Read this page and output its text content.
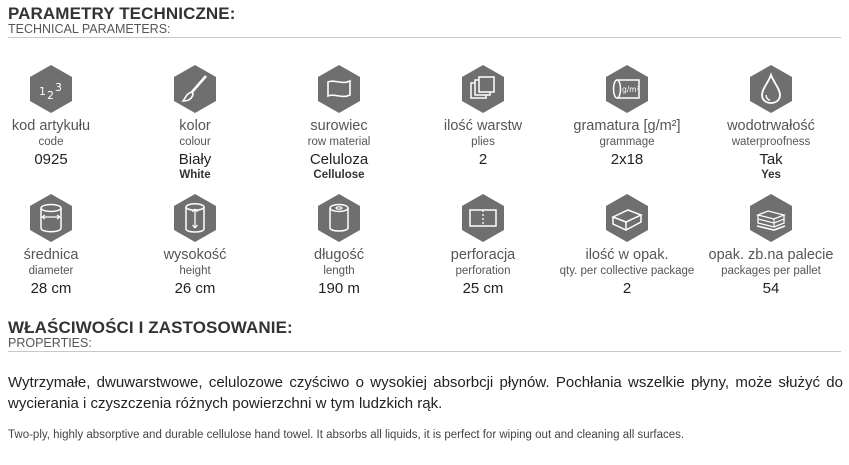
PARAMETRY TECHNICZNE:
TECHNICAL PARAMETERS:
1 2
3
kod artykułu
code
0925
kolor
colour
Biały
White
surowiec
row material
Celuloza
Cellulose
ilość warstw
plies
2
g/m²
gramatura [g/m²]
grammage
2x18
wodotrwałość
waterproofness
Tak
Yes
średnica
diameter
28 cm
wysokość
height
26 cm
długość
length
190 m
perforacja
perforation
25 cm
ilość w opak.
qty. per collective package
2
opak. zb.na palecie
packages per pallet
54
WŁAŚCIWOŚCI I ZASTOSOWANIE:
PROPERTIES:
Wytrzymałe, dwuwarstwowe, celulozowe czyściwo o wysokiej absorbcji płynów. Pochłania wszelkie płyny, może służyć do wycierania i czyszczenia różnych powierzchni w tym ludzkich rąk.
Two-ply, highly absorptive and durable cellulose hand towel. It absorbs all liquids, it is perfect for wiping out and cleaning all surfaces.
